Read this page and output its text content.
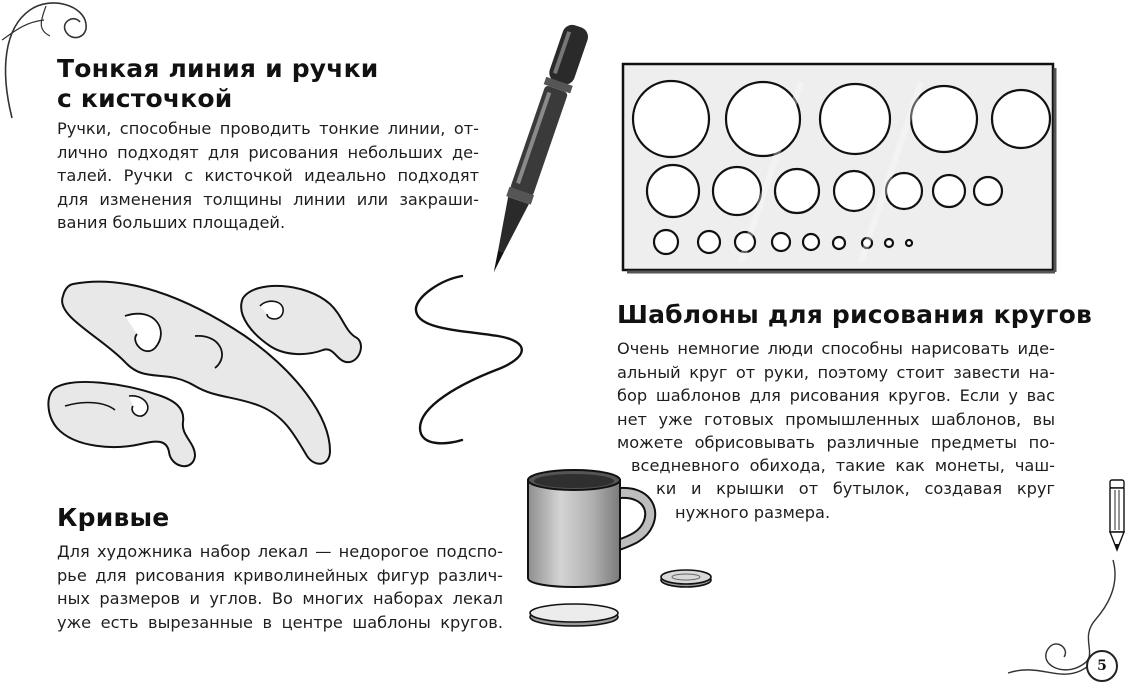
Тонкая линия и ручки
с кисточкой
Ручки, способные проводить тонкие линии, от-
лично подходят для рисования небольших де-
талей. Ручки с кисточкой идеально подходят
для изменения толщины линии или закраши-
вания больших площадей.
Кривые
Для художника набор лекал — недорогое подспо-
рье для рисования криволинейных фигур различ-
ных размеров и углов. Во многих наборах лекал
уже есть вырезанные в центре шаблоны кругов.
Шаблоны для рисования кругов
Очень немногие люди способны нарисовать иде-
альный круг от руки, поэтому стоит завести на-
бор шаблонов для рисования кругов. Если у вас
нет уже готовых промышленных шаблонов, вы
можете обрисовывать различные предметы по-
вседневного обихода, такие как монеты, чаш-
ки и крышки от бутылок, создавая круг
нужного размера.
5
